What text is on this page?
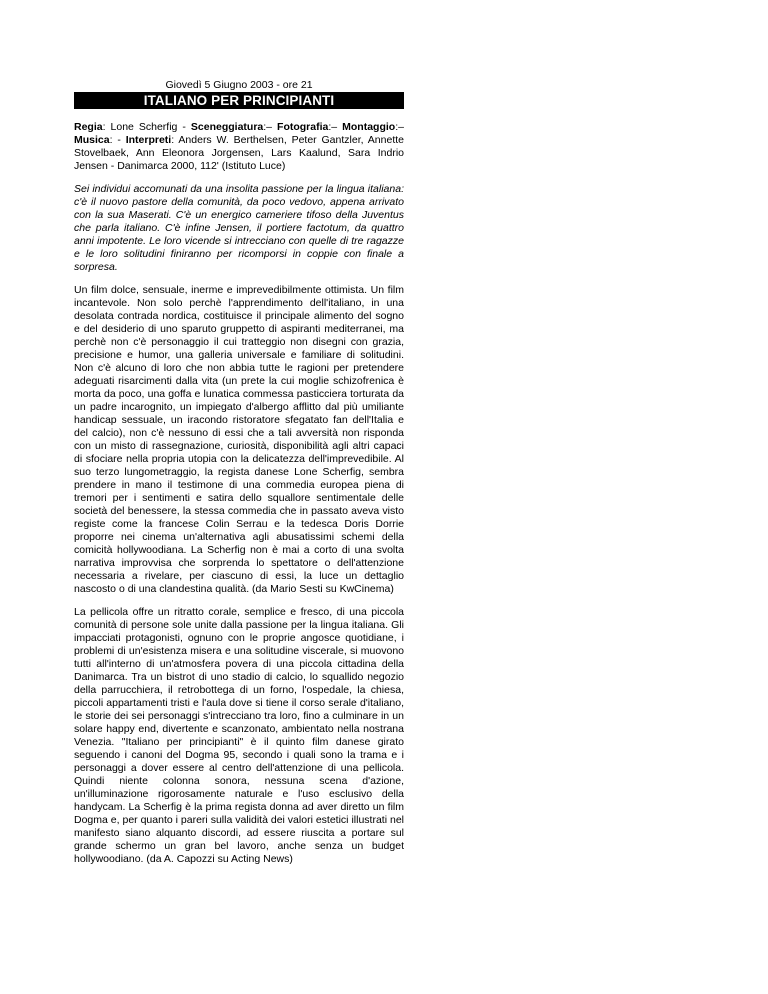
Giovedì 5 Giugno 2003 - ore 21
ITALIANO PER PRINCIPIANTI
Regia: Lone Scherfig - Sceneggiatura:– Fotografia:– Montaggio:– Musica: - Interpreti: Anders W. Berthelsen, Peter Gantzler, Annette Stovelbaek, Ann Eleonora Jorgensen, Lars Kaalund, Sara Indrio Jensen - Danimarca 2000, 112' (Istituto Luce)
Sei individui accomunati da una insolita passione per la lingua italiana: c'è il nuovo pastore della comunità, da poco vedovo, appena arrivato con la sua Maserati. C'è un energico cameriere tifoso della Juventus che parla italiano. C'è infine Jensen, il portiere factotum, da quattro anni impotente. Le loro vicende si intrecciano con quelle di tre ragazze e le loro solitudini finiranno per ricomporsi in coppie con finale a sorpresa.
Un film dolce, sensuale, inerme e imprevedibilmente ottimista. Un film incantevole. Non solo perchè l'apprendimento dell'italiano, in una desolata contrada nordica, costituisce il principale alimento del sogno e del desiderio di uno sparuto gruppetto di aspiranti mediterranei, ma perchè non c'è personaggio il cui tratteggio non disegni con grazia, precisione e humor, una galleria universale e familiare di solitudini. Non c'è alcuno di loro che non abbia tutte le ragioni per pretendere adeguati risarcimenti dalla vita (un prete la cui moglie schizofrenica è morta da poco, una goffa e lunatica commessa pasticciera torturata da un padre incarognito, un impiegato d'albergo afflitto dal più umiliante handicap sessuale, un iracondo ristoratore sfegatato fan dell'Italia e del calcio), non c'è nessuno di essi che a tali avversità non risponda con un misto di rassegnazione, curiosità, disponibilità agli altri capaci di sfociare nella propria utopia con la delicatezza dell'imprevedibile. Al suo terzo lungometraggio, la regista danese Lone Scherfig, sembra prendere in mano il testimone di una commedia europea piena di tremori per i sentimenti e satira dello squallore sentimentale delle società del benessere, la stessa commedia che in passato aveva visto registe come la francese Colin Serrau e la tedesca Doris Dorrie proporre nei cinema un'alternativa agli abusatissimi schemi della comicità hollywoodiana. La Scherfig non è mai a corto di una svolta narrativa improvvisa che sorprenda lo spettatore o dell'attenzione necessaria a rivelare, per ciascuno di essi, la luce un dettaglio nascosto o di una clandestina qualità. (da Mario Sesti su KwCinema)
La pellicola offre un ritratto corale, semplice e fresco, di una piccola comunità di persone sole unite dalla passione per la lingua italiana. Gli impacciati protagonisti, ognuno con le proprie angosce quotidiane, i problemi di un'esistenza misera e una solitudine viscerale, si muovono tutti all'interno di un'atmosfera povera di una piccola cittadina della Danimarca. Tra un bistrot di uno stadio di calcio, lo squallido negozio della parrucchiera, il retrobottega di un forno, l'ospedale, la chiesa, piccoli appartamenti tristi e l'aula dove si tiene il corso serale d'italiano, le storie dei sei personaggi s'intrecciano tra loro, fino a culminare in un solare happy end, divertente e scanzonato, ambientato nella nostrana Venezia. "Italiano per principianti" è il quinto film danese girato seguendo i canoni del Dogma 95, secondo i quali sono la trama e i personaggi a dover essere al centro dell'attenzione di una pellicola. Quindi niente colonna sonora, nessuna scena d'azione, un'illuminazione rigorosamente naturale e l'uso esclusivo della handycam. La Scherfig è la prima regista donna ad aver diretto un film Dogma e, per quanto i pareri sulla validità dei valori estetici illustrati nel manifesto siano alquanto discordi, ad essere riuscita a portare sul grande schermo un gran bel lavoro, anche senza un budget hollywoodiano. (da A. Capozzi su Acting News)
